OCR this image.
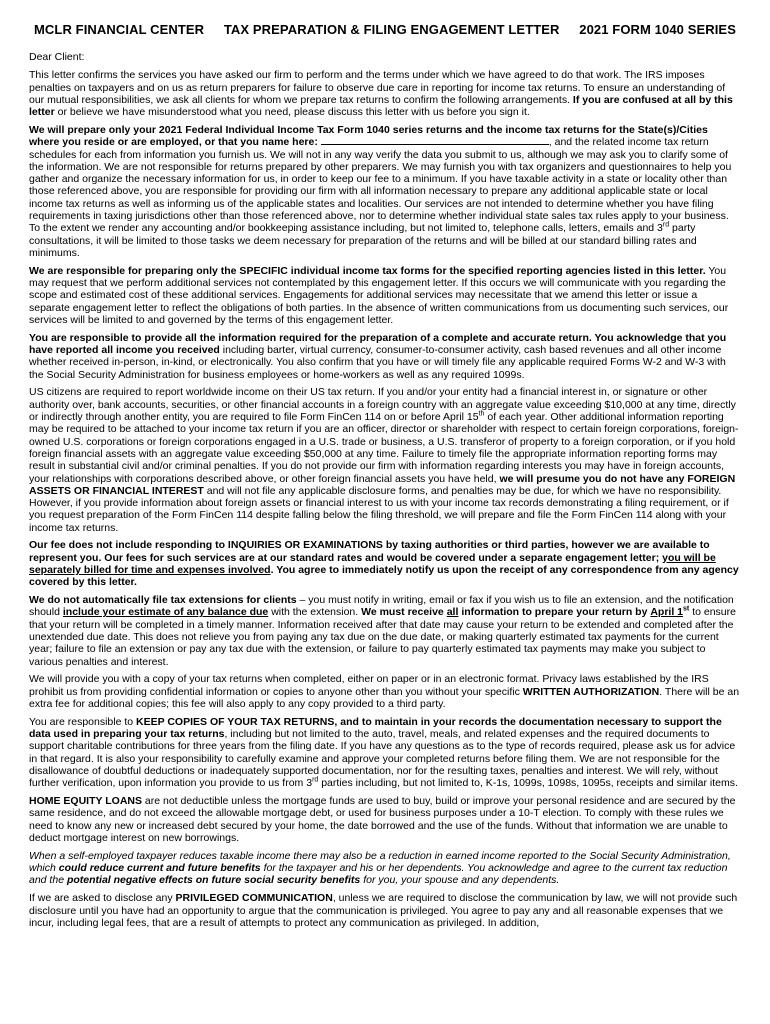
MCLR FINANCIAL CENTER TAX PREPARATION & FILING ENGAGEMENT LETTER 2021 FORM 1040 SERIES

Dear Client:

This letter confirms the services you have asked our firm to perform and the terms under which we have agreed to do that work. The IRS imposes penalties on taxpayers and on us as return preparers for failure to observe due care in reporting for income tax returns. To ensure an understanding of our mutual responsibilities, we ask all clients for whom we prepare tax returns to confirm the following arrangements. If you are confused at all by this letter or believe we have misunderstood what you need, please discuss this letter with us before you sign it.

We will prepare only your 2021 Federal Individual Income Tax Form 1040 series returns and the income tax returns for the State(s)/Cities where you reside or are employed, or that you name here:	, and the related income tax return schedules for each from information you furnish us. We will not in any way verify the data you submit to us, although we may ask you to clarify some of the information. We are not responsible for returns prepared by other preparers. We may furnish you with tax organizers and questionnaires to help you gather and organize the necessary information for us, in order to keep our fee to a minimum. If you have taxable activity in a state or locality other than those referenced above, you are responsible for providing our firm with all information necessary to prepare any additional applicable state or local income tax returns as well as informing us of the applicable states and localities. Our services are not intended to determine whether you have filing requirements in taxing jurisdictions other than those referenced above, nor to determine whether individual state sales tax rules apply to your business. To the extent we render any accounting and/or bookkeeping assistance including, but not limited to, telephone calls, letters, emails and 3rd party consultations, it will be limited to those tasks we deem necessary for preparation of the returns and will be billed at our standard billing rates and minimums.

We are responsible for preparing only the SPECIFIC individual income tax forms for the specified reporting agencies listed in this letter. You may request that we perform additional services not contemplated by this engagement letter. If this occurs we will communicate with you regarding the scope and estimated cost of these additional services. Engagements for additional services may necessitate that we amend this letter or issue a separate engagement letter to reflect the obligations of both parties. In the absence of written communications from us documenting such services, our services will be limited to and governed by the terms of this engagement letter.

You are responsible to provide all the information required for the preparation of a complete and accurate return. You acknowledge that you have reported all income you received including barter, virtual currency, consumer-to-consumer activity, cash based revenues and all other income whether received in-person, in-kind, or electronically. You also confirm that you have or will timely file any applicable required Forms W-2 and W-3 with the Social Security Administration for business employees or home-workers as well as any required 1099s.

US citizens are required to report worldwide income on their US tax return. If you and/or your entity had a financial interest in, or signature or other authority over, bank accounts, securities, or other financial accounts in a foreign country with an aggregate value exceeding $10,000 at any time, directly or indirectly through another entity, you are required to file Form FinCen 114 on or before April 15th of each year. Other additional information reporting may be required to be attached to your income tax return if you are an officer, director or shareholder with respect to certain foreign corporations, foreign-owned U.S. corporations or foreign corporations engaged in a U.S. trade or business, a U.S. transferor of property to a foreign corporation, or if you hold foreign financial assets with an aggregate value exceeding $50,000 at any time. Failure to timely file the appropriate information reporting forms may result in substantial civil and/or criminal penalties. If you do not provide our firm with information regarding interests you may have in foreign accounts, your relationships with corporations described above, or other foreign financial assets you have held, we will presume you do not have any FOREIGN ASSETS OR FINANCIAL INTEREST and will not file any applicable disclosure forms, and penalties may be due, for which we have no responsibility. However, if you provide information about foreign assets or financial interest to us with your income tax records demonstrating a filing requirement, or if you request preparation of the Form FinCen 114 despite falling below the filing threshold, we will prepare and file the Form FinCen 114 along with your income tax returns.

Our fee does not include responding to INQUIRIES OR EXAMINATIONS by taxing authorities or third parties, however we are available to represent you. Our fees for such services are at our standard rates and would be covered under a separate engagement letter; you will be separately billed for time and expenses involved. You agree to immediately notify us upon the receipt of any correspondence from any agency covered by this letter.

We do not automatically file tax extensions for clients – you must notify in writing, email or fax if you wish us to file an extension, and the notification should include your estimate of any balance due with the extension. We must receive all information to prepare your return by April 1st to ensure that your return will be completed in a timely manner. Information received after that date may cause your return to be extended and completed after the unextended due date. This does not relieve you from paying any tax due on the due date, or making quarterly estimated tax payments for the current year; failure to file an extension or pay any tax due with the extension, or failure to pay quarterly estimated tax payments may make you subject to various penalties and interest.

We will provide you with a copy of your tax returns when completed, either on paper or in an electronic format. Privacy laws established by the IRS prohibit us from providing confidential information or copies to anyone other than you without your specific WRITTEN AUTHORIZATION. There will be an extra fee for additional copies; this fee will also apply to any copy provided to a third party.

You are responsible to KEEP COPIES OF YOUR TAX RETURNS, and to maintain in your records the documentation necessary to support the data used in preparing your tax returns, including but not limited to the auto, travel, meals, and related expenses and the required documents to support charitable contributions for three years from the filing date. If you have any questions as to the type of records required, please ask us for advice in that regard. It is also your responsibility to carefully examine and approve your completed returns before filing them. We are not responsible for the disallowance of doubtful deductions or inadequately supported documentation, nor for the resulting taxes, penalties and interest. We will rely, without further verification, upon information you provide to us from 3rd parties including, but not limited to, K-1s, 1099s, 1098s, 1095s, receipts and similar items.

HOME EQUITY LOANS are not deductible unless the mortgage funds are used to buy, build or improve your personal residence and are secured by the same residence, and do not exceed the allowable mortgage debt, or used for business purposes under a 10-T election. To comply with these rules we need to know any new or increased debt secured by your home, the date borrowed and the use of the funds. Without that information we are unable to deduct mortgage interest on new borrowings.

When a self-employed taxpayer reduces taxable income there may also be a reduction in earned income reported to the Social Security Administration, which could reduce current and future benefits for the taxpayer and his or her dependents. You acknowledge and agree to the current tax reduction and the potential negative effects on future social security benefits for you, your spouse and any dependents.

If we are asked to disclose any PRIVILEGED COMMUNICATION, unless we are required to disclose the communication by law, we will not provide such disclosure until you have had an opportunity to argue that the communication is privileged. You agree to pay any and all reasonable expenses that we incur, including legal fees, that are a result of attempts to protect any communication as privileged. In addition,
